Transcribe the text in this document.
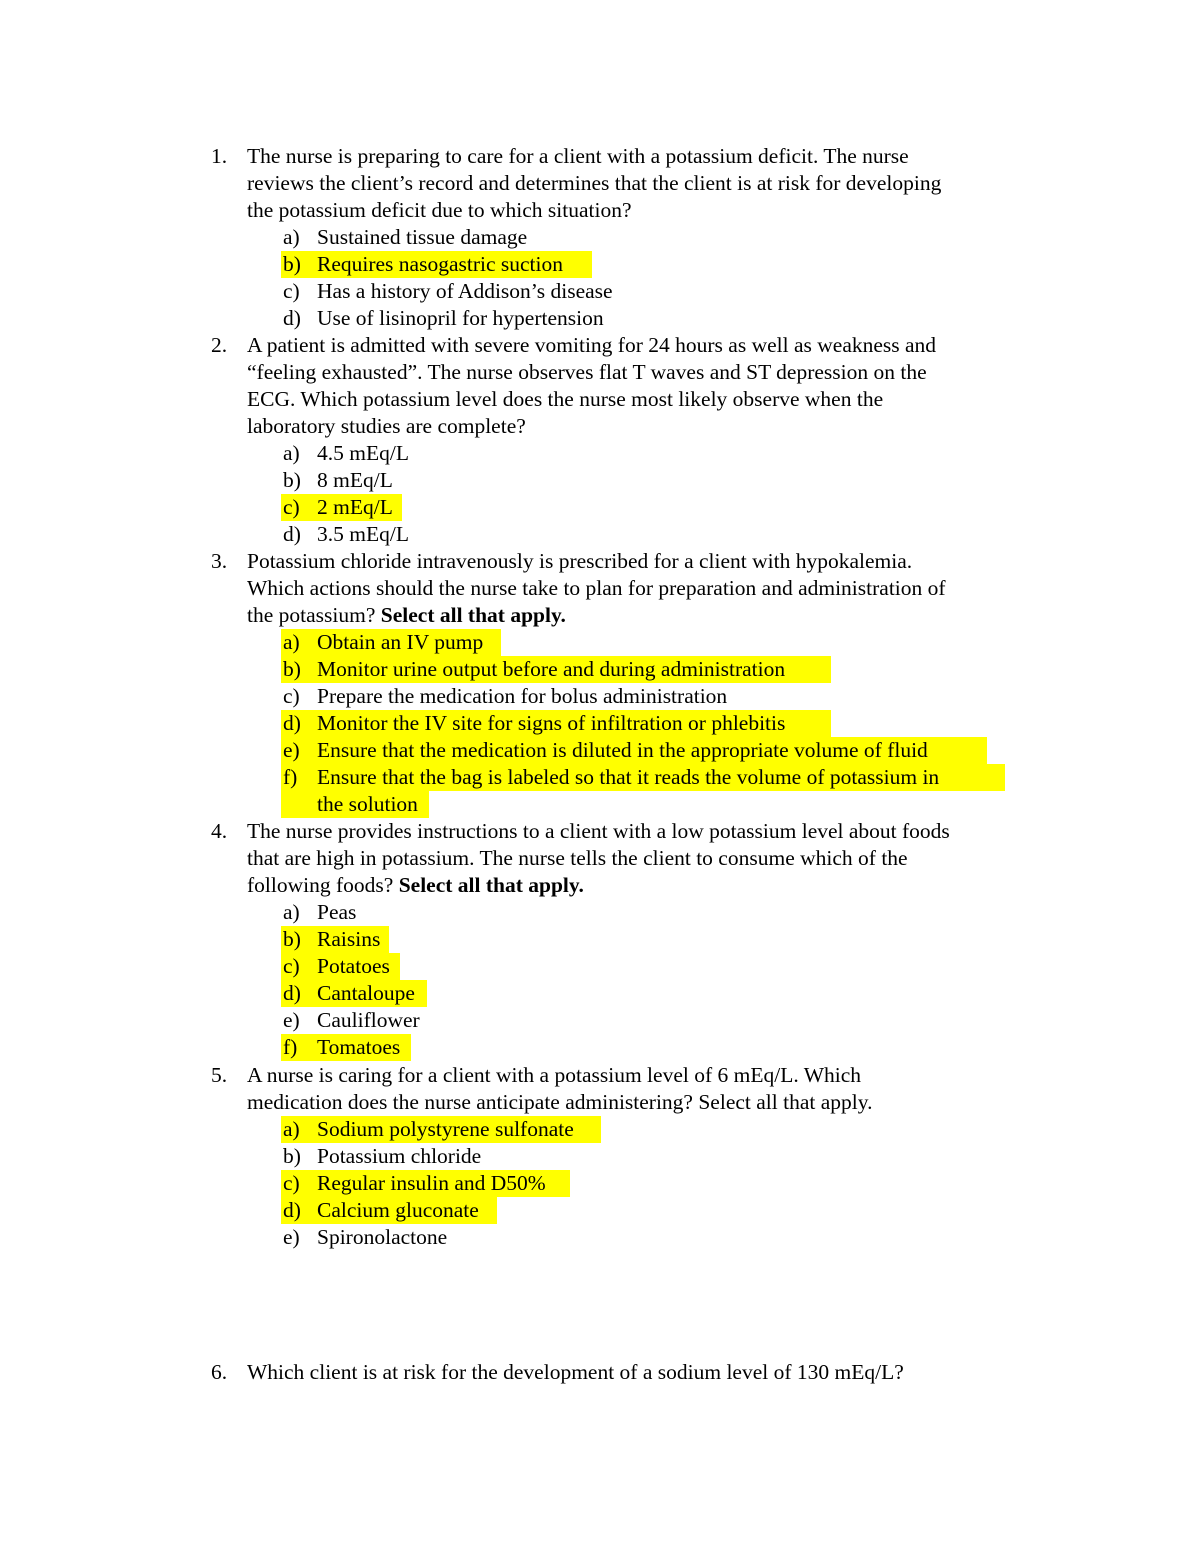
1. The nurse is preparing to care for a client with a potassium deficit. The nurse
reviews the client’s record and determines that the client is at risk for developing
the potassium deficit due to which situation?
a) Sustained tissue damage
b) Requires nasogastric suction
c) Has a history of Addison’s disease
d) Use of lisinopril for hypertension
2. A patient is admitted with severe vomiting for 24 hours as well as weakness and
“feeling exhausted”. The nurse observes flat T waves and ST depression on the
ECG. Which potassium level does the nurse most likely observe when the
laboratory studies are complete?
a) 4.5 mEq/L
b) 8 mEq/L
c) 2 mEq/L
d) 3.5 mEq/L
3. Potassium chloride intravenously is prescribed for a client with hypokalemia.
Which actions should the nurse take to plan for preparation and administration of
the potassium? Select all that apply.
a) Obtain an IV pump
b) Monitor urine output before and during administration
c) Prepare the medication for bolus administration
d) Monitor the IV site for signs of infiltration or phlebitis
e) Ensure that the medication is diluted in the appropriate volume of fluid
f) Ensure that the bag is labeled so that it reads the volume of potassium in
the solution
4. The nurse provides instructions to a client with a low potassium level about foods
that are high in potassium. The nurse tells the client to consume which of the
following foods? Select all that apply.
a) Peas
b) Raisins
c) Potatoes
d) Cantaloupe
e) Cauliflower
f) Tomatoes
5. A nurse is caring for a client with a potassium level of 6 mEq/L. Which
medication does the nurse anticipate administering? Select all that apply.
a) Sodium polystyrene sulfonate
b) Potassium chloride
c) Regular insulin and D50%
d) Calcium gluconate
e) Spironolactone
6. Which client is at risk for the development of a sodium level of 130 mEq/L?
